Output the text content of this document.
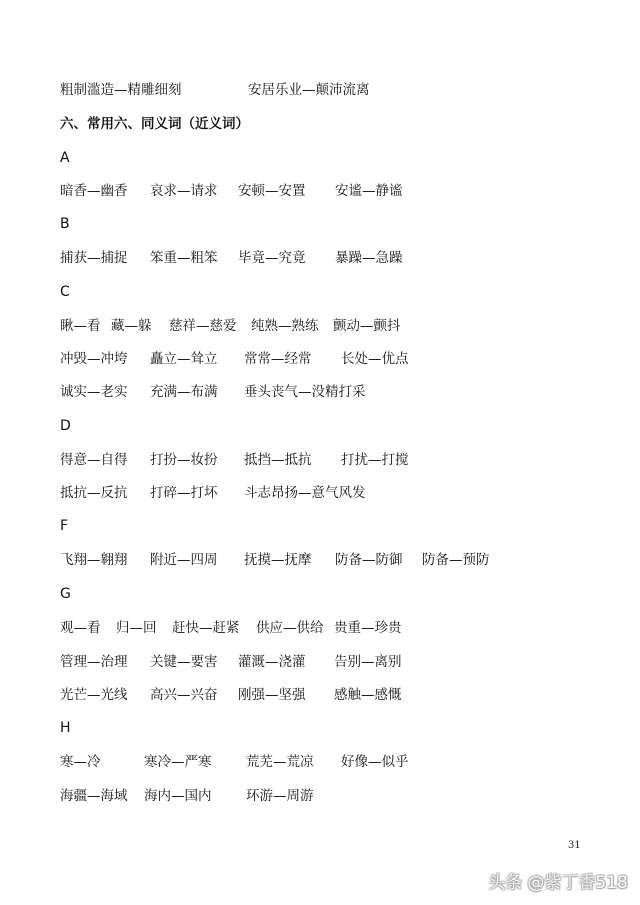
粗制滥造—精雕细刻	安居乐业—颠沛流离
六、常用六、同义词（近义词）
A
暗香—幽香 哀求—请求 安顿—安置 安谧—静谧
B
捕获—捕捉 笨重—粗笨 毕竟—究竟 暴躁—急躁
C
瞅—看 藏—躲 慈祥—慈爱 纯熟—熟练 颤动—颤抖
冲毁—冲垮 矗立—耸立 常常—经常 长处—优点
诚实—老实 充满—布满 垂头丧气—没精打采
D
得意—自得 打扮—妆扮 抵挡—抵抗 打扰—打搅
抵抗—反抗 打碎—打坏 斗志昂扬—意气风发
F
飞翔—翱翔 附近—四周 抚摸—抚摩 防备—防御 防备—预防
G
观—看 归—回 赶快—赶紧 供应—供给 贵重—珍贵
管理—治理 关键—要害 灌溉—浇灌 告别—离别
光芒—光线 高兴—兴奋 刚强—坚强 感触—感慨
H
寒—冷	寒冷—严寒	荒芜—荒凉 好像—似乎
海疆—海域 海内—国内	环游—周游
31
头条 @紫丁香518
